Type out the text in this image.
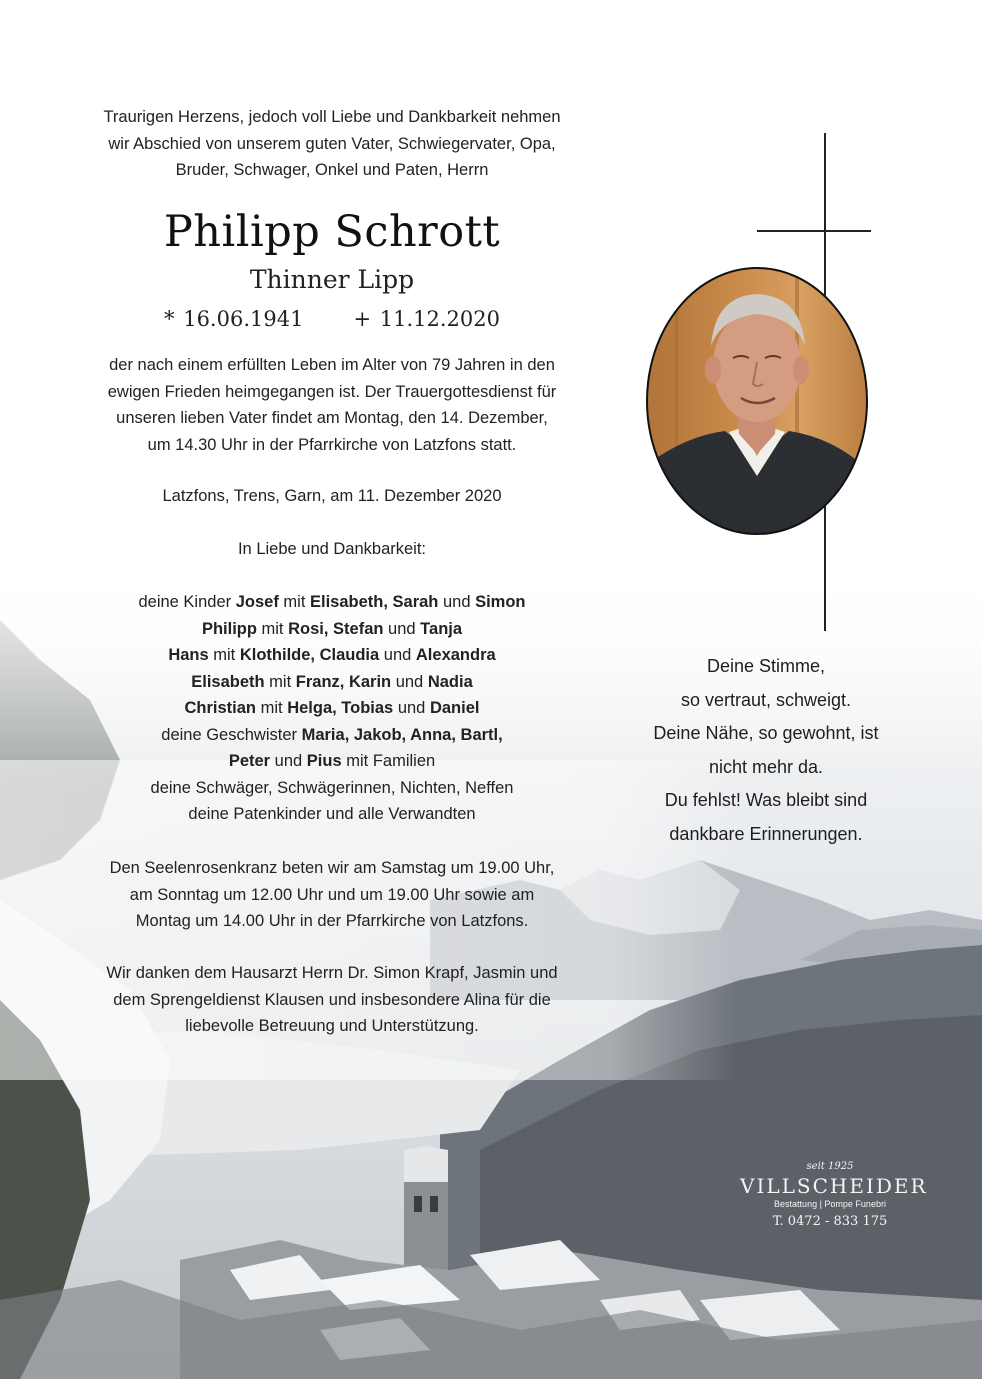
Traurigen Herzens, jedoch voll Liebe und Dankbarkeit nehmen

wir Abschied von unserem guten Vater, Schwiegervater, Opa,

Bruder, Schwager, Onkel und Paten, Herrn

Philipp Schrott
Thinner Lipp
* 16.06.1941 + 11.12.2020

der nach einem erfüllten Leben im Alter von 79 Jahren in den

ewigen Frieden heimgegangen ist. Der Trauergottesdienst für

unseren lieben Vater findet am Montag, den 14. Dezember,

um 14.30 Uhr in der Pfarrkirche von Latzfons statt.

Latzfons, Trens, Garn, am 11. Dezember 2020
In Liebe und Dankbarkeit:

deine Kinder Josef mit Elisabeth, Sarah und Simon

Philipp mit Rosi, Stefan und Tanja

Hans mit Klothilde, Claudia und Alexandra

Elisabeth mit Franz, Karin und Nadia

Christian mit Helga, Tobias und Daniel

deine Geschwister Maria, Jakob, Anna, Bartl,

Peter und Pius mit Familien

deine Schwäger, Schwägerinnen, Nichten, Neffen

deine Patenkinder und alle Verwandten

Den Seelenrosenkranz beten wir am Samstag um 19.00 Uhr,

am Sonntag um 12.00 Uhr und um 19.00 Uhr sowie am

Montag um 14.00 Uhr in der Pfarrkirche von Latzfons.

Wir danken dem Hausarzt Herrn Dr. Simon Krapf, Jasmin und

dem Sprengeldienst Klausen und insbesondere Alina für die

liebevolle Betreuung und Unterstützung.

Deine Stimme,

so vertraut, schweigt.

Deine Nähe, so gewohnt, ist

nicht mehr da.

Du fehlst! Was bleibt sind

dankbare Erinnerungen.

seit 1925
VILLSCHEIDER
Bestattung | Pompe Funebri
T. 0472 - 833 175
